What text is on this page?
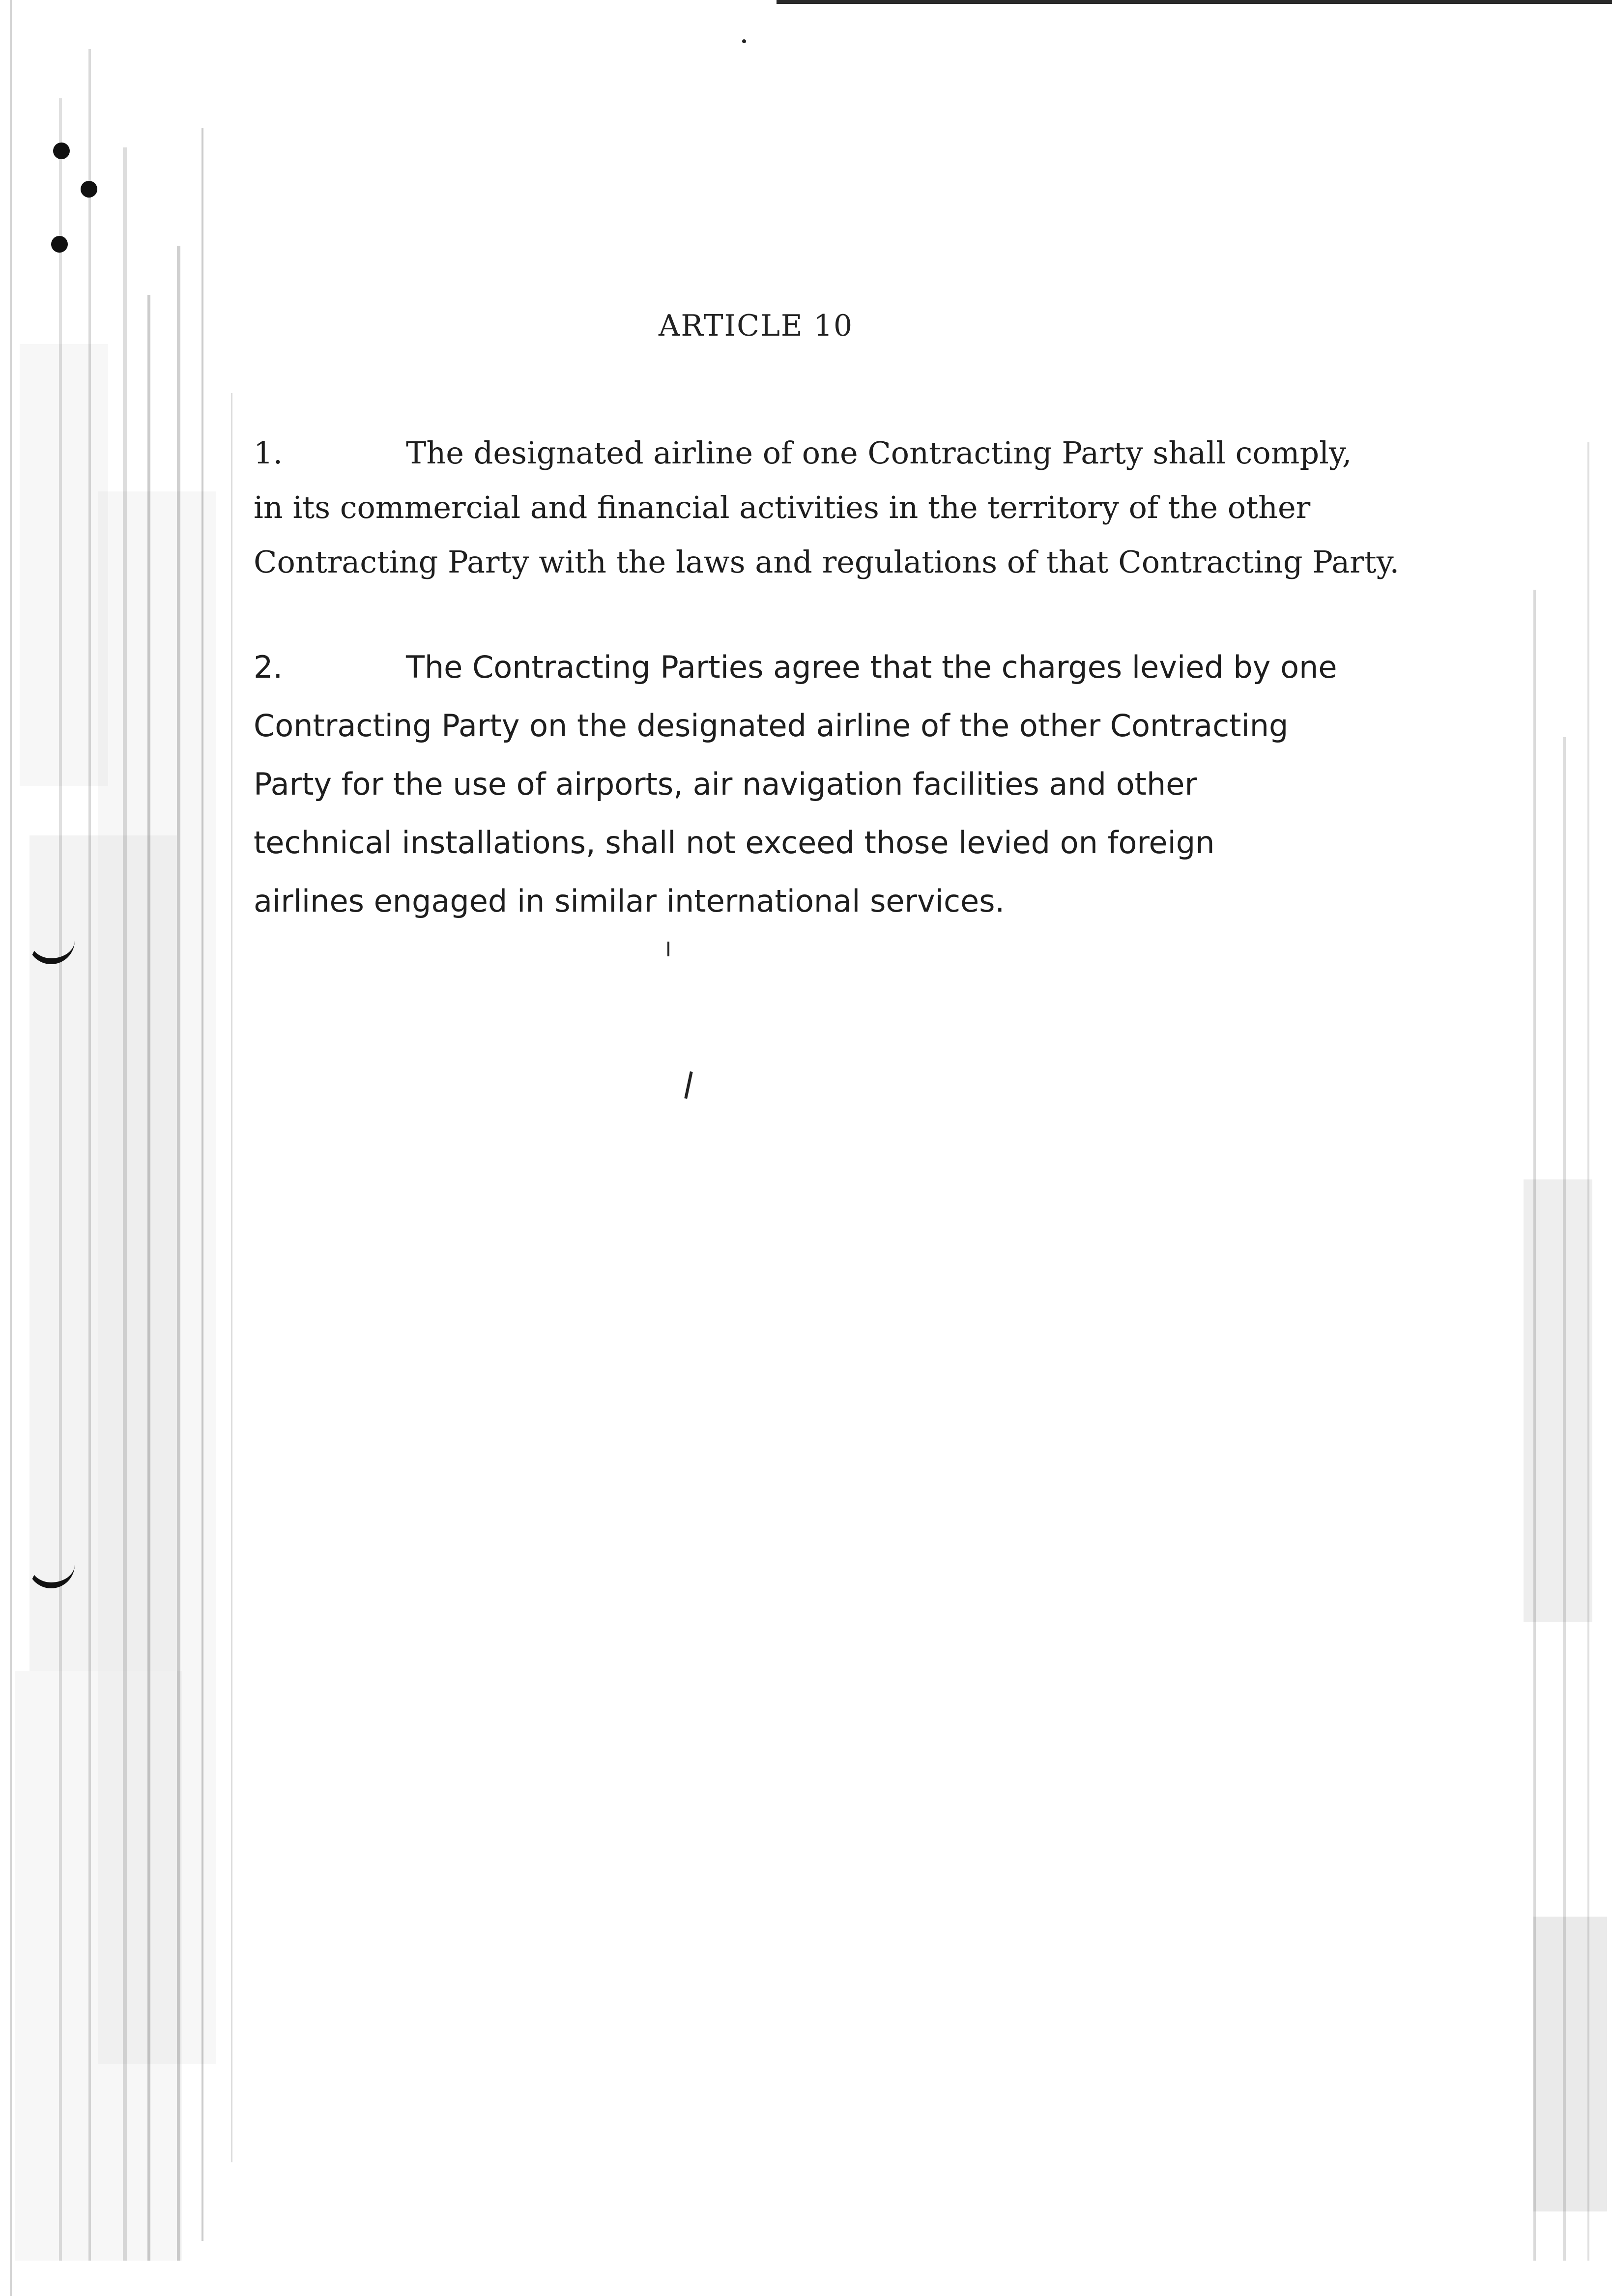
ARTICLE 10
1.	The designated airline of one Contracting Party shall comply,
in its commercial and financial activities in the territory of the other
Contracting Party with the laws and regulations of that Contracting Party.
2.	The Contracting Parties agree that the charges levied by one
Contracting Party on the designated airline of the other Contracting
Party for the use of airports, air navigation facilities and other
technical installations, shall not exceed those levied on foreign
airlines engaged in similar international services.
